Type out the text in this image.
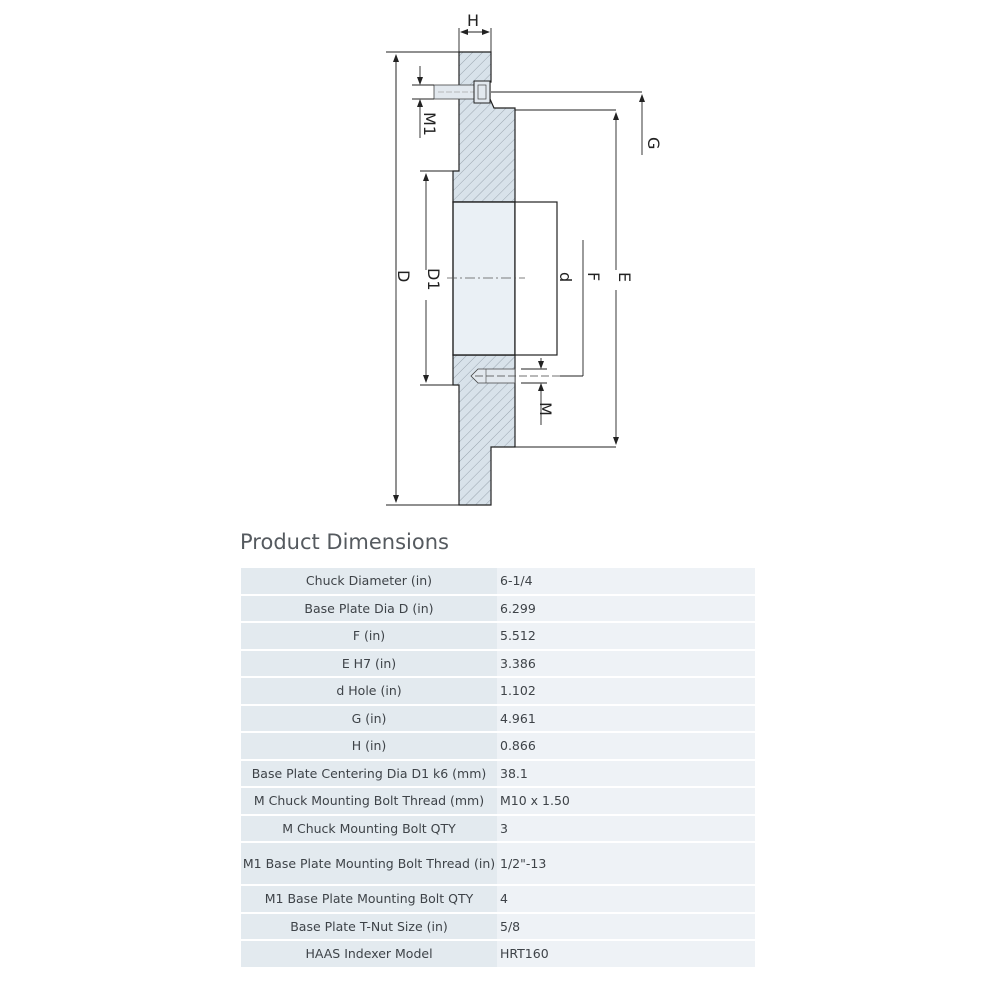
H
M1
G
D D1	d F E
M
Product Dimensions
Chuck Diameter (in)	6-1/4
Base Plate Dia D (in)	6.299
F (in)	5.512
E H7 (in)	3.386
d Hole (in)	1.102
G (in)	4.961
H (in)	0.866
Base Plate Centering Dia D1 k6 (mm)	38.1
M Chuck Mounting Bolt Thread (mm)	M10 x 1.50
M Chuck Mounting Bolt QTY	3
M1 Base Plate Mounting Bolt Thread (in)	1/2"-13
M1 Base Plate Mounting Bolt QTY	4
Base Plate T-Nut Size (in)	5/8
HAAS Indexer Model	HRT160
